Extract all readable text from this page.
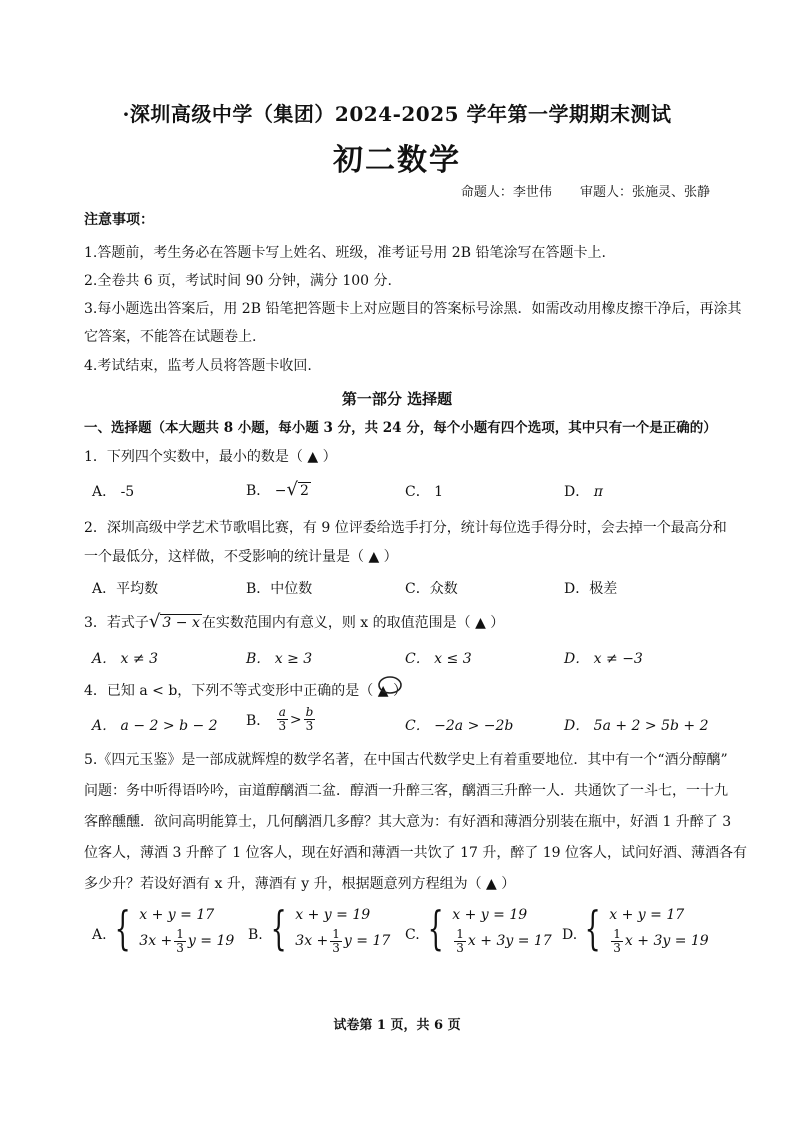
·深圳高级中学（集团）2024-2025 学年第一学期期末测试
初二数学
命题人：李世伟 审题人：张施灵、张静
注意事项：
1.答题前，考生务必在答题卡写上姓名、班级，准考证号用 2B 铅笔涂写在答题卡上.
2.全卷共 6 页，考试时间 90 分钟，满分 100 分.
3.每小题选出答案后，用 2B 铅笔把答题卡上对应题目的答案标号涂黑．如需改动用橡皮擦干净后，再涂其
它答案，不能答在试题卷上.
4.考试结束，监考人员将答题卡收回.
第一部分 选择题
一、选择题（本大题共 8 小题，每小题 3 分，共 24 分，每个小题有四个选项，其中只有一个是正确的）
1．下列四个实数中，最小的数是（ ▲ ）
A． -5	B． −√ 2	C． 1	D． π
2．深圳高级中学艺术节歌唱比赛，有 9 位评委给选手打分，统计每位选手得分时，会去掉一个最高分和
一个最低分，这样做，不受影响的统计量是（ ▲ ）
A．平均数	B．中位数	C．众数	D．极差
3．若式子√ 3 − x 在实数范围内有意义，则 x 的取值范围是（ ▲ ）
A． x ≠ 3	B． x ≥ 3	C． x ≤ 3	D． x ≠ −3
4．已知 a < b，下列不等式变形中正确的是（ ▲ ）
A． a − 2 > b − 2 B．
$\frac{a}{3} > \frac{b}{3}$	C． −2a > −2b	D． 5a + 2 > 5b + 2
5.《四元玉鉴》是一部成就辉煌的数学名著，在中国古代数学史上有着重要地位．其中有一个“酒分醇醨”
问题：务中听得语吟吟，亩道醇醨酒二盆．醇酒一升醉三客，醨酒三升醉一人．共通饮了一斗七，一十九
客醉醺醺．欲问高明能算士，几何醨酒几多醇？其大意为：有好酒和薄酒分别装在瓶中，好酒 1 升醉了 3
位客人，薄酒 3 升醉了 1 位客人，现在好酒和薄酒一共饮了 17 升，醉了 19 位客人，试问好酒、薄酒各有
多少升？若设好酒有 x 升，薄酒有 y 升，根据题意列方程组为（ ▲ ）
A. { x + y = 17
$3x + \frac{1}{3}$ y = 19 B. { x + y = 19
$3x + \frac{1}{3}$ y = 17 C. { x + y = 19
$\frac{1}{3}$ x + 3y = 17 D. { x + y = 17
$\frac{1}{3}$ x + 3y = 19
试卷第 1 页，共 6 页
